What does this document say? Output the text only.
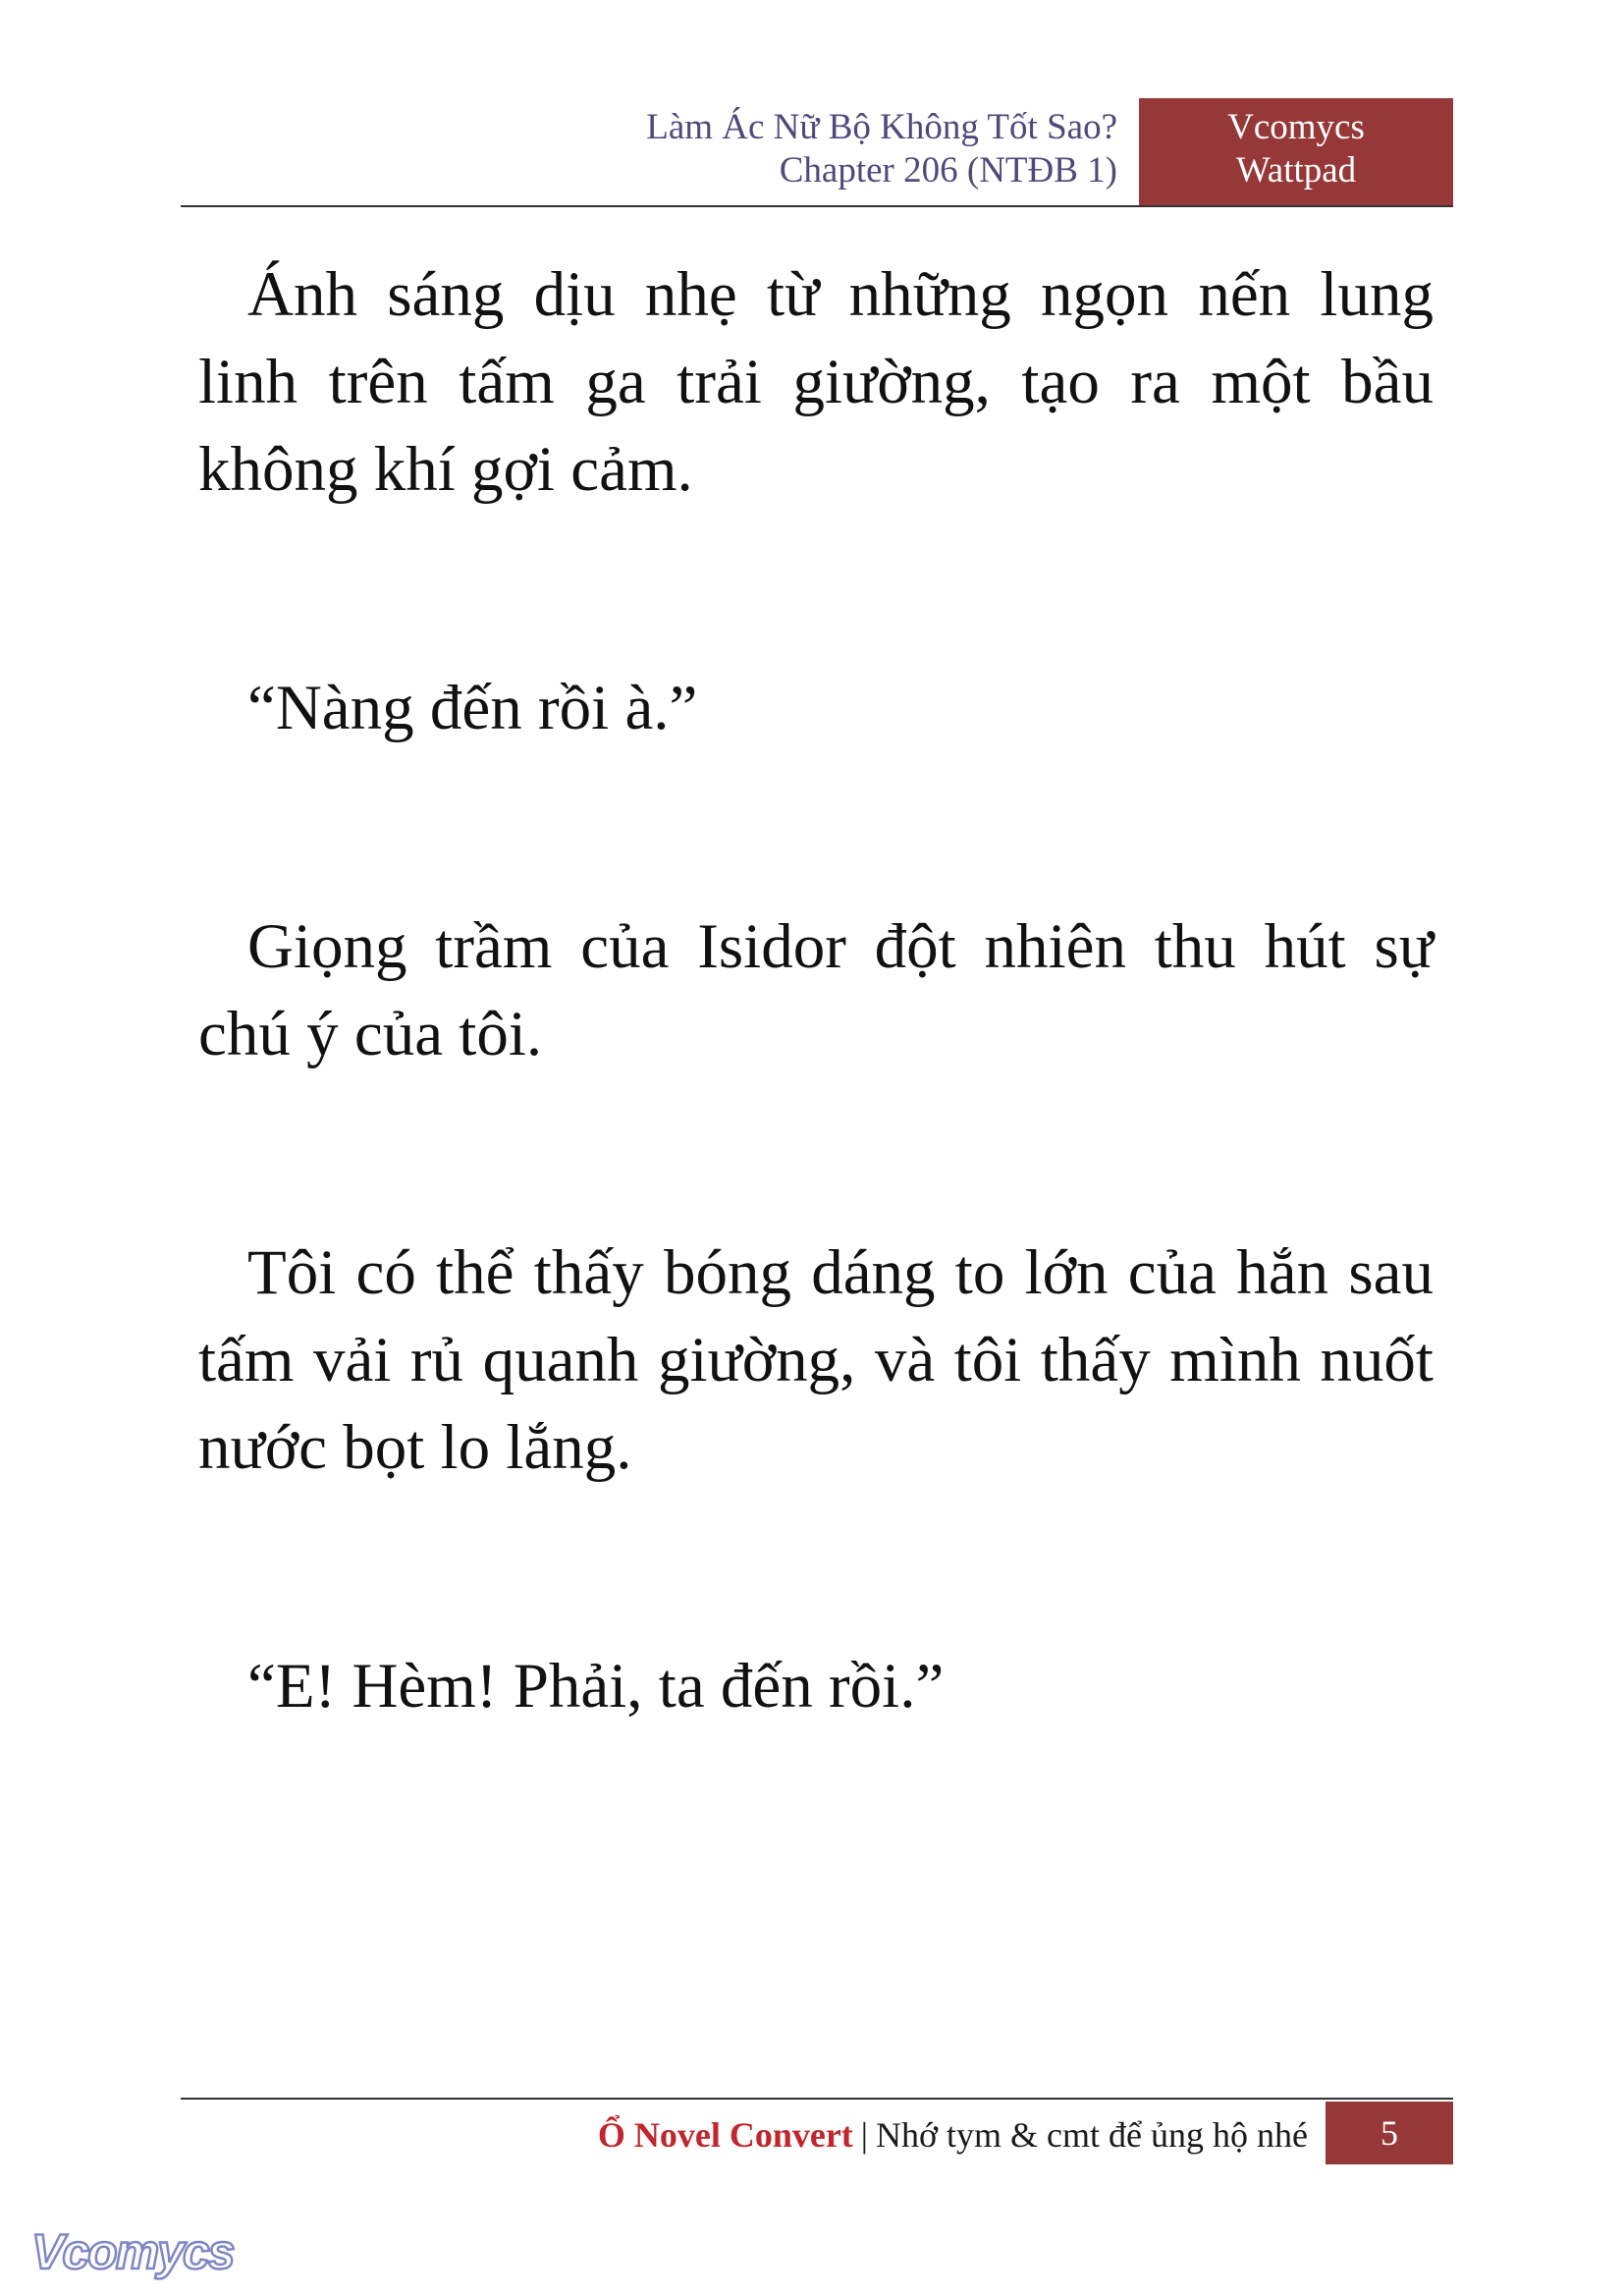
Làm Ác Nữ Bộ Không Tốt Sao?
Chapter 206 (NTĐB 1)
Vcomycs
Wattpad

Ánh sáng dịu nhẹ từ những ngọn nến lung linh trên tấm ga trải giường, tạo ra một bầu không khí gợi cảm.

“Nàng đến rồi à.”

Giọng trầm của Isidor đột nhiên thu hút sự chú ý của tôi.

Tôi có thể thấy bóng dáng to lớn của hắn sau tấm vải rủ quanh giường, và tôi thấy mình nuốt nước bọt lo lắng.

“E! Hèm! Phải, ta đến rồi.”

Ổ Novel Convert | Nhớ tym & cmt để ủng hộ nhé	5
Vcomycs
